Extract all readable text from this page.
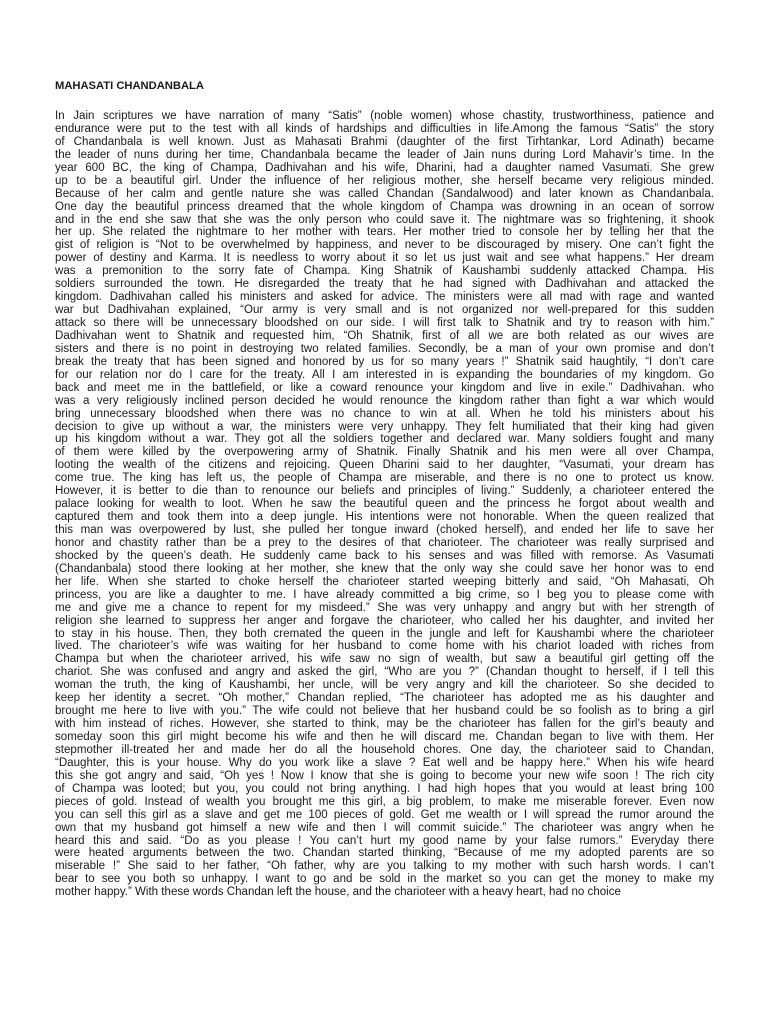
MAHASATI CHANDANBALA
In Jain scriptures we have narration of many “Satis” (noble women) whose chastity, trustworthiness, patience and
endurance were put to the test with all kinds of hardships and difficulties in life.Among the famous “Satis” the story
of Chandanbala is well known. Just as Mahasati Brahmi (daughter of the first Tirhtankar, Lord Adinath) became
the leader of nuns during her time, Chandanbala became the leader of Jain nuns during Lord Mahavir’s time. In the
year 600 BC, the king of Champa, Dadhivahan and his wife, Dharini, had a daughter named Vasumati. She grew
up to be a beautiful girl. Under the influence of her religious mother, she herself became very religious minded.
Because of her calm and gentle nature she was called Chandan (Sandalwood) and later known as Chandanbala.
One day the beautiful princess dreamed that the whole kingdom of Champa was drowning in an ocean of sorrow
and in the end she saw that she was the only person who could save it. The nightmare was so frightening, it shook
her up. She related the nightmare to her mother with tears. Her mother tried to console her by telling her that the
gist of religion is “Not to be overwhelmed by happiness, and never to be discouraged by misery. One can’t fight the
power of destiny and Karma. It is needless to worry about it so let us just wait and see what happens.” Her dream
was a premonition to the sorry fate of Champa. King Shatnik of Kaushambi suddenly attacked Champa. His
soldiers surrounded the town. He disregarded the treaty that he had signed with Dadhivahan and attacked the
kingdom. Dadhivahan called his ministers and asked for advice. The ministers were all mad with rage and wanted
war but Dadhivahan explained, “Our army is very small and is not organized nor well-prepared for this sudden
attack so there will be unnecessary bloodshed on our side. I will first talk to Shatnik and try to reason with him.”
Dadhivahan went to Shatnik and requested him, “Oh Shatnik, first of all we are both related as our wives are
sisters and there is no point in destroying two related families. Secondly, be a man of your own promise and don’t
break the treaty that has been signed and honored by us for so many years !” Shatnik said haughtily, “I don’t care
for our relation nor do I care for the treaty. All I am interested in is expanding the boundaries of my kingdom. Go
back and meet me in the battlefield, or like a coward renounce your kingdom and live in exile.” Dadhivahan. who
was a very religiously inclined person decided he would renounce the kingdom rather than fight a war which would
bring unnecessary bloodshed when there was no chance to win at all. When he told his ministers about his
decision to give up without a war, the ministers were very unhappy. They felt humiliated that their king had given
up his kingdom without a war. They got all the soldiers together and declared war. Many soldiers fought and many
of them were killed by the overpowering army of Shatnik. Finally Shatnik and his men were all over Champa,
looting the wealth of the citizens and rejoicing. Queen Dharini said to her daughter, “Vasumati, your dream has
come true. The king has left us, the people of Champa are miserable, and there is no one to protect us know.
However, it is better to die than to renounce our beliefs and principles of living.” Suddenly, a charioteer entered the
palace looking for wealth to loot. When he saw the beautiful queen and the princess he forgot about wealth and
captured them and took them into a deep jungle. His intentions were not honorable. When the queen realized that
this man was overpowered by lust, she pulled her tongue inward (choked herself), and ended her life to save her
honor and chastity rather than be a prey to the desires of that charioteer. The charioteer was really surprised and
shocked by the queen’s death. He suddenly came back to his senses and was filled with remorse. As Vasumati
(Chandanbala) stood there looking at her mother, she knew that the only way she could save her honor was to end
her life. When she started to choke herself the charioteer started weeping bitterly and said, “Oh Mahasati, Oh
princess, you are like a daughter to me. I have already committed a big crime, so I beg you to please come with
me and give me a chance to repent for my misdeed.” She was very unhappy and angry but with her strength of
religion she learned to suppress her anger and forgave the charioteer, who called her his daughter, and invited her
to stay in his house. Then, they both cremated the queen in the jungle and left for Kaushambi where the charioteer
lived. The charioteer’s wife was waiting for her husband to come home with his chariot loaded with riches from
Champa but when the charioteer arrived, his wife saw no sign of wealth, but saw a beautiful girl getting off the
chariot. She was confused and angry and asked the girl, “Who are you ?” (Chandan thought to herself, if I tell this
woman the truth, the king of Kaushambi, her uncle, will be very angry and kill the charioteer. So she decided to
keep her identity a secret. “Oh mother,” Chandan replied, “The charioteer has adopted me as his daughter and
brought me here to live with you.” The wife could not believe that her husband could be so foolish as to bring a girl
with him instead of riches. However, she started to think, may be the charioteer has fallen for the girl’s beauty and
someday soon this girl might become his wife and then he will discard me. Chandan began to live with them. Her
stepmother ill-treated her and made her do all the household chores. One day, the charioteer said to Chandan,
“Daughter, this is your house. Why do you work like a slave ? Eat well and be happy here.” When his wife heard
this she got angry and said, “Oh yes ! Now I know that she is going to become your new wife soon ! The rich city
of Champa was looted; but you, you could not bring anything. I had high hopes that you would at least bring 100
pieces of gold. Instead of wealth you brought me this girl, a big problem, to make me miserable forever. Even now
you can sell this girl as a slave and get me 100 pieces of gold. Get me wealth or I will spread the rumor around the
own that my husband got himself a new wife and then I will commit suicide.” The charioteer was angry when he
heard this and said. “Do as you please ! You can’t hurt my good name by your false rumors.” Everyday there
were heated arguments between the two. Chandan started thinking, “Because of me my adopted parents are so
miserable !” She said to her father, “Oh father, why are you talking to my mother with such harsh words. I can’t
bear to see you both so unhappy. I want to go and be sold in the market so you can get the money to make my
mother happy.” With these words Chandan left the house, and the charioteer with a heavy heart, had no choice
